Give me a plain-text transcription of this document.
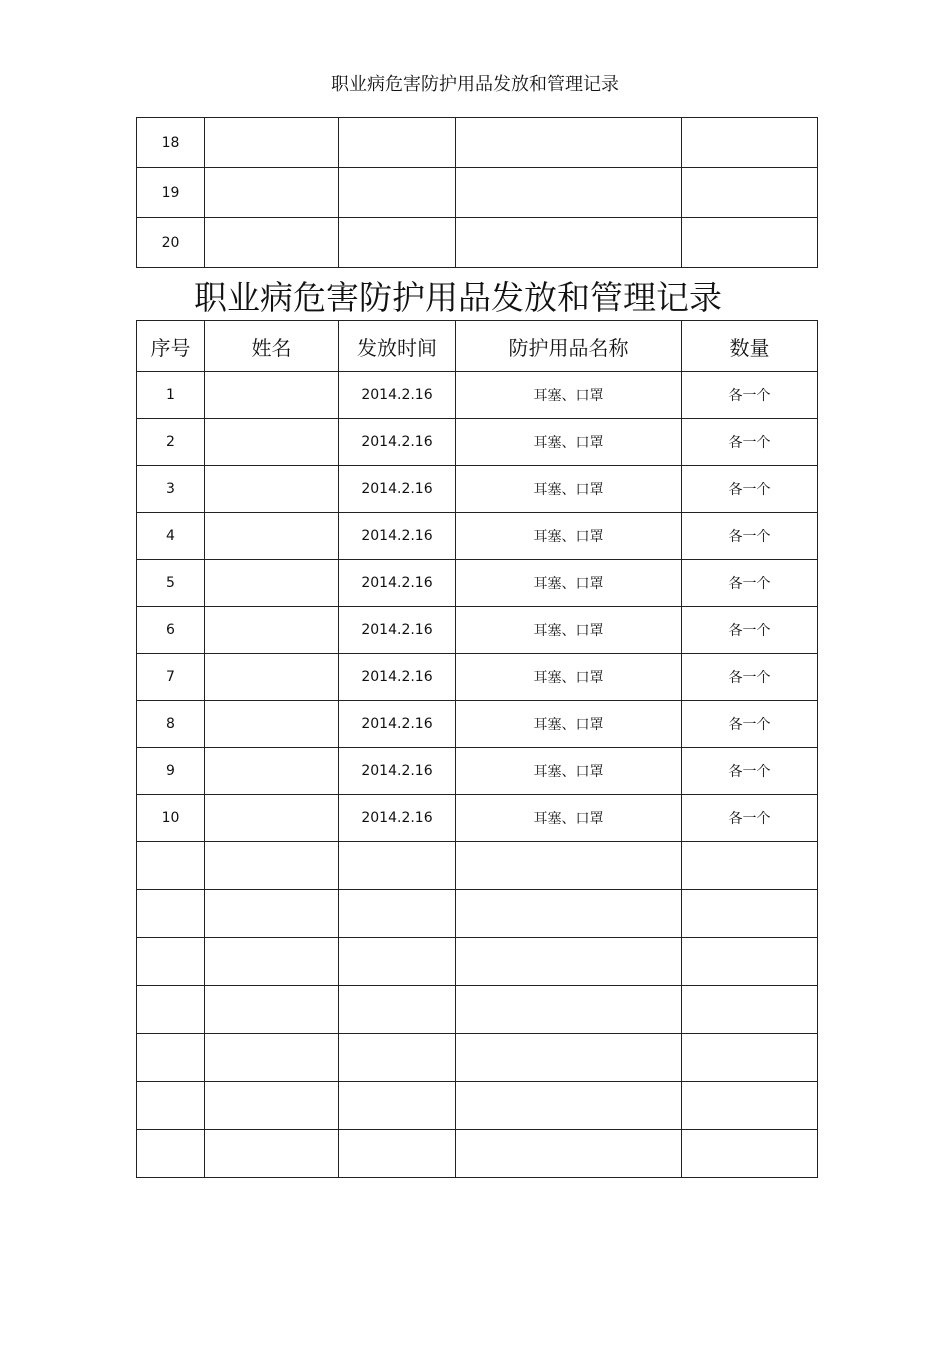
职业病危害防护用品发放和管理记录
18				
19				
20				
职业病危害防护用品发放和管理记录
序号	姓名	发放时间	防护用品名称	数量
1		2014.2.16	耳塞、口罩	各一个
2		2014.2.16	耳塞、口罩	各一个
3		2014.2.16	耳塞、口罩	各一个
4		2014.2.16	耳塞、口罩	各一个
5		2014.2.16	耳塞、口罩	各一个
6		2014.2.16	耳塞、口罩	各一个
7		2014.2.16	耳塞、口罩	各一个
8		2014.2.16	耳塞、口罩	各一个
9		2014.2.16	耳塞、口罩	各一个
10		2014.2.16	耳塞、口罩	各一个
